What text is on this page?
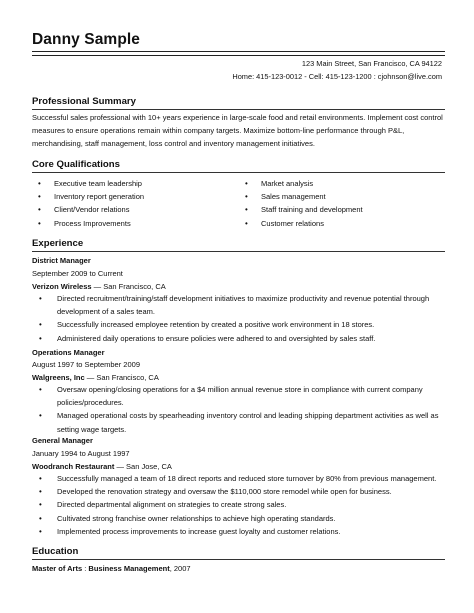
Danny Sample
123 Main Street, San Francisco, CA 94122
Home: 415-123-0012 - Cell: 415-123-1200 : cjohnson@live.com
Professional Summary
Successful sales professional with 10+ years experience in large-scale food and retail environments. Implement cost control measures to ensure operations remain within company targets. Maximize bottom-line performance through P&L, merchandising, staff management, loss control and inventory management initiatives.
Core Qualifications
• Executive team leadership
• Inventory report generation
• Client/Vendor relations
• Process Improvements
• Market analysis
• Sales management
• Staff training and development
• Customer relations
Experience
District Manager
September 2009 to Current
Verizon Wireless — San Francisco, CA
• Directed recruitment/training/staff development initiatives to maximize productivity and revenue potential through development of a sales team.
• Successfully increased employee retention by created a positive work environment in 18 stores.
• Administered daily operations to ensure policies were adhered to and oversighted by sales staff.
Operations Manager
August 1997 to September 2009
Walgreens, Inc — San Francisco, CA
• Oversaw opening/closing operations for a $4 million annual revenue store in compliance with current company policies/procedures.
• Managed operational costs by spearheading inventory control and leading shipping department activities as well as setting wage targets.
General Manager
January 1994 to August 1997
Woodranch Restaurant — San Jose, CA
• Successfully managed a team of 18 direct reports and reduced store turnover by 80% from previous management.
• Developed the renovation strategy and oversaw the $110,000 store remodel while open for business.
• Directed departmental alignment on strategies to create strong sales.
• Cultivated strong franchise owner relationships to achieve high operating standards.
• Implemented process improvements to increase guest loyalty and customer relations.
Education
Master of Arts : Business Management, 2007
